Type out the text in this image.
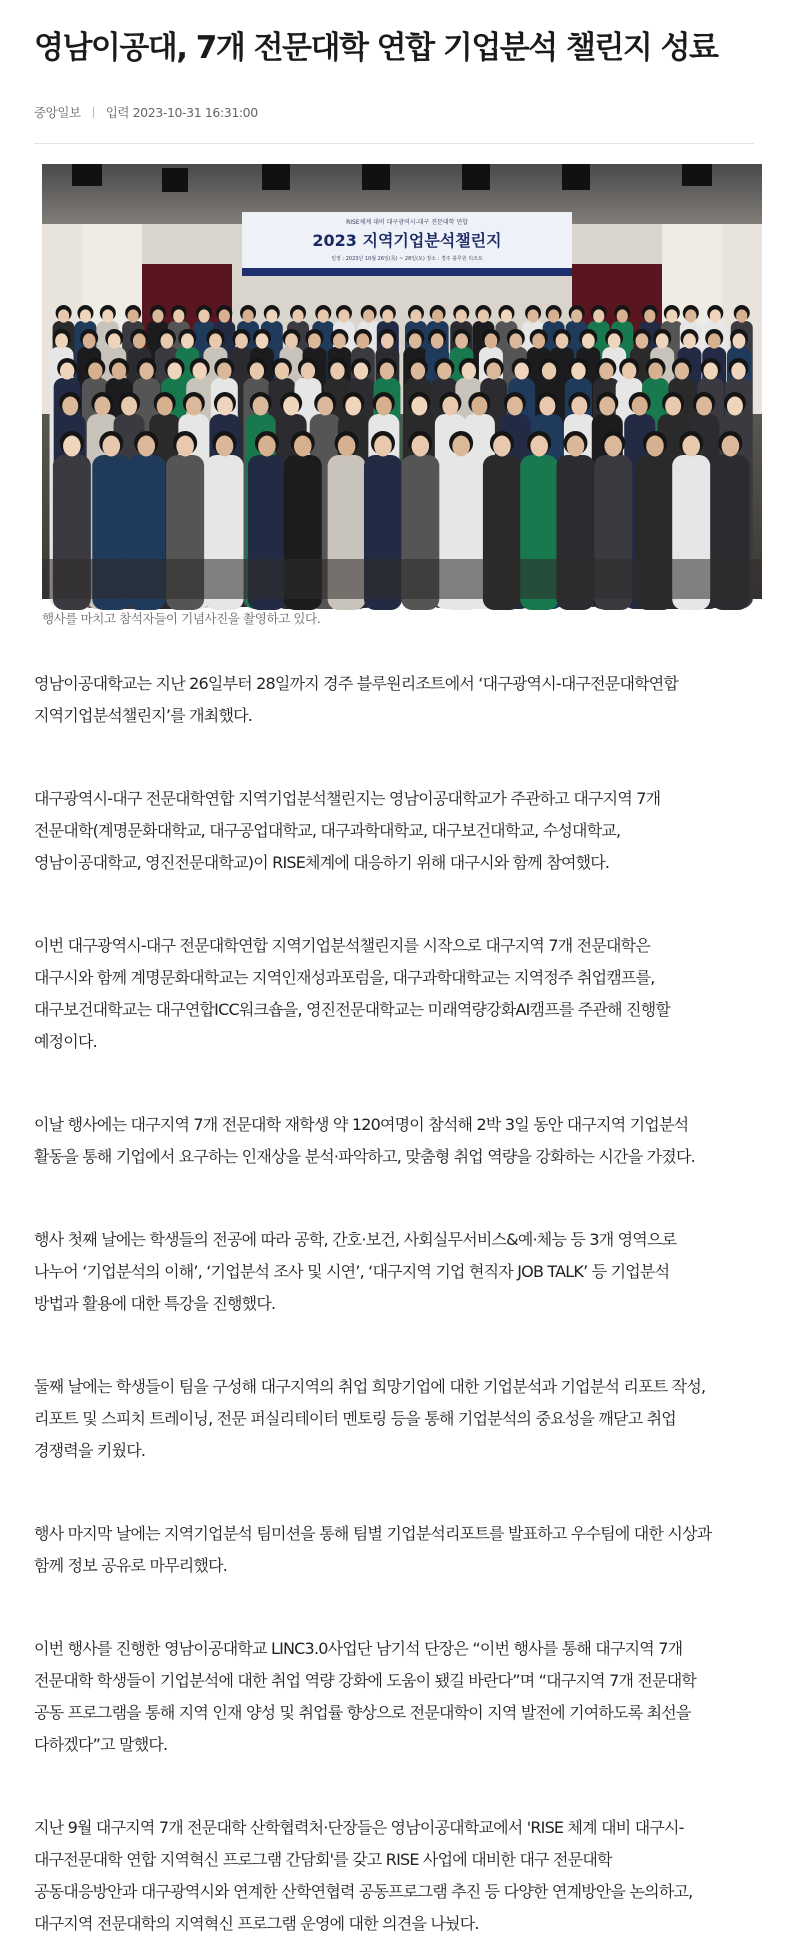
영남이공대, 7개 전문대학 연합 기업분석 챌린지 성료
중앙일보 입력 2023-10-31 16:31:00
RISE체계 대비 대구광역시-대구 전문대학 연합
2023 지역기업분석챌린지
일정 : 2023년 10월 26일(목) ~ 28일(토) 장소 : 경주 블루원 리조트
행사를 마치고 참석자들이 기념사진을 촬영하고 있다.

영남이공대학교는 지난 26일부터 28일까지 경주 블루원리조트에서 ‘대구광역시-대구전문대학연합
지역기업분석챌린지’를 개최했다.

대구광역시-대구 전문대학연합 지역기업분석챌린지는 영남이공대학교가 주관하고 대구지역 7개
전문대학(계명문화대학교, 대구공업대학교, 대구과학대학교, 대구보건대학교, 수성대학교,
영남이공대학교, 영진전문대학교)이 RISE체계에 대응하기 위해 대구시와 함께 참여했다.

이번 대구광역시-대구 전문대학연합 지역기업분석챌린지를 시작으로 대구지역 7개 전문대학은
대구시와 함께 계명문화대학교는 지역인재성과포럼을, 대구과학대학교는 지역정주 취업캠프를,
대구보건대학교는 대구연합ICC워크숍을, 영진전문대학교는 미래역량강화AI캠프를 주관해 진행할
예정이다.

이날 행사에는 대구지역 7개 전문대학 재학생 약 120여명이 참석해 2박 3일 동안 대구지역 기업분석
활동을 통해 기업에서 요구하는 인재상을 분석·파악하고, 맞춤형 취업 역량을 강화하는 시간을 가졌다.

행사 첫째 날에는 학생들의 전공에 따라 공학, 간호·보건, 사회실무서비스&예·체능 등 3개 영역으로
나누어 ‘기업분석의 이해’, ‘기업분석 조사 및 시연’, ‘대구지역 기업 현직자 JOB TALK’ 등 기업분석
방법과 활용에 대한 특강을 진행했다.

둘째 날에는 학생들이 팀을 구성해 대구지역의 취업 희망기업에 대한 기업분석과 기업분석 리포트 작성,
리포트 및 스피치 트레이닝, 전문 퍼실리테이터 멘토링 등을 통해 기업분석의 중요성을 깨닫고 취업
경쟁력을 키웠다.

행사 마지막 날에는 지역기업분석 팀미션을 통해 팀별 기업분석리포트를 발표하고 우수팀에 대한 시상과
함께 정보 공유로 마무리했다.

이번 행사를 진행한 영남이공대학교 LINC3.0사업단 남기석 단장은 “이번 행사를 통해 대구지역 7개
전문대학 학생들이 기업분석에 대한 취업 역량 강화에 도움이 됐길 바란다”며 “대구지역 7개 전문대학
공동 프로그램을 통해 지역 인재 양성 및 취업률 향상으로 전문대학이 지역 발전에 기여하도록 최선을
다하겠다”고 말했다.

지난 9월 대구지역 7개 전문대학 산학협력처·단장들은 영남이공대학교에서 'RISE 체계 대비 대구시-
대구전문대학 연합 지역혁신 프로그램 간담회'를 갖고 RISE 사업에 대비한 대구 전문대학
공동대응방안과 대구광역시와 연계한 산학연협력 공동프로그램 추진 등 다양한 연계방안을 논의하고,
대구지역 전문대학의 지역혁신 프로그램 운영에 대한 의견을 나눴다.
